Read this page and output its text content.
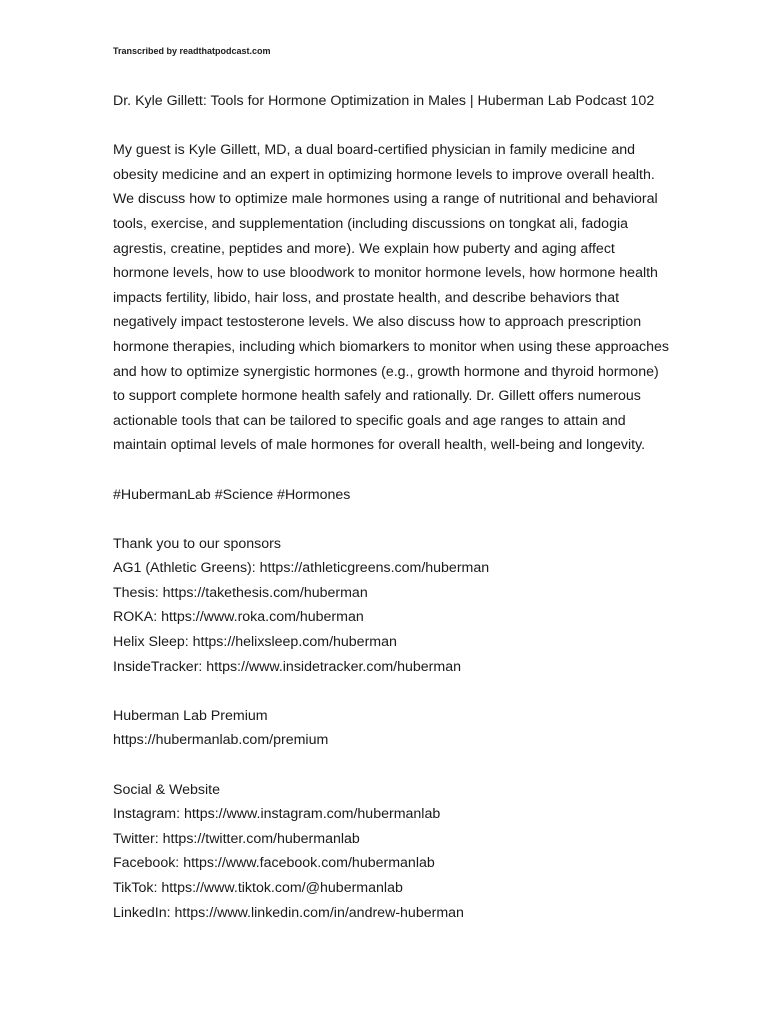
Transcribed by readthatpodcast.com

Dr. Kyle Gillett: Tools for Hormone Optimization in Males | Huberman Lab Podcast 102

My guest is Kyle Gillett, MD, a dual board-certified physician in family medicine and
obesity medicine and an expert in optimizing hormone levels to improve overall health.
We discuss how to optimize male hormones using a range of nutritional and behavioral
tools, exercise, and supplementation (including discussions on tongkat ali, fadogia
agrestis, creatine, peptides and more). We explain how puberty and aging affect
hormone levels, how to use bloodwork to monitor hormone levels, how hormone health
impacts fertility, libido, hair loss, and prostate health, and describe behaviors that
negatively impact testosterone levels. We also discuss how to approach prescription
hormone therapies, including which biomarkers to monitor when using these approaches
and how to optimize synergistic hormones (e.g., growth hormone and thyroid hormone)
to support complete hormone health safely and rationally. Dr. Gillett offers numerous
actionable tools that can be tailored to specific goals and age ranges to attain and
maintain optimal levels of male hormones for overall health, well-being and longevity.
#HubermanLab #Science #Hormones
Thank you to our sponsors
AG1 (Athletic Greens): https://athleticgreens.com/huberman
Thesis: https://takethesis.com/huberman
ROKA: https://www.roka.com/huberman
Helix Sleep: https://helixsleep.com/huberman
InsideTracker: https://www.insidetracker.com/huberman
Huberman Lab Premium
https://hubermanlab.com/premium
Social & Website
Instagram: https://www.instagram.com/hubermanlab
Twitter: https://twitter.com/hubermanlab
Facebook: https://www.facebook.com/hubermanlab
TikTok: https://www.tiktok.com/@hubermanlab
LinkedIn: https://www.linkedin.com/in/andrew-huberman
